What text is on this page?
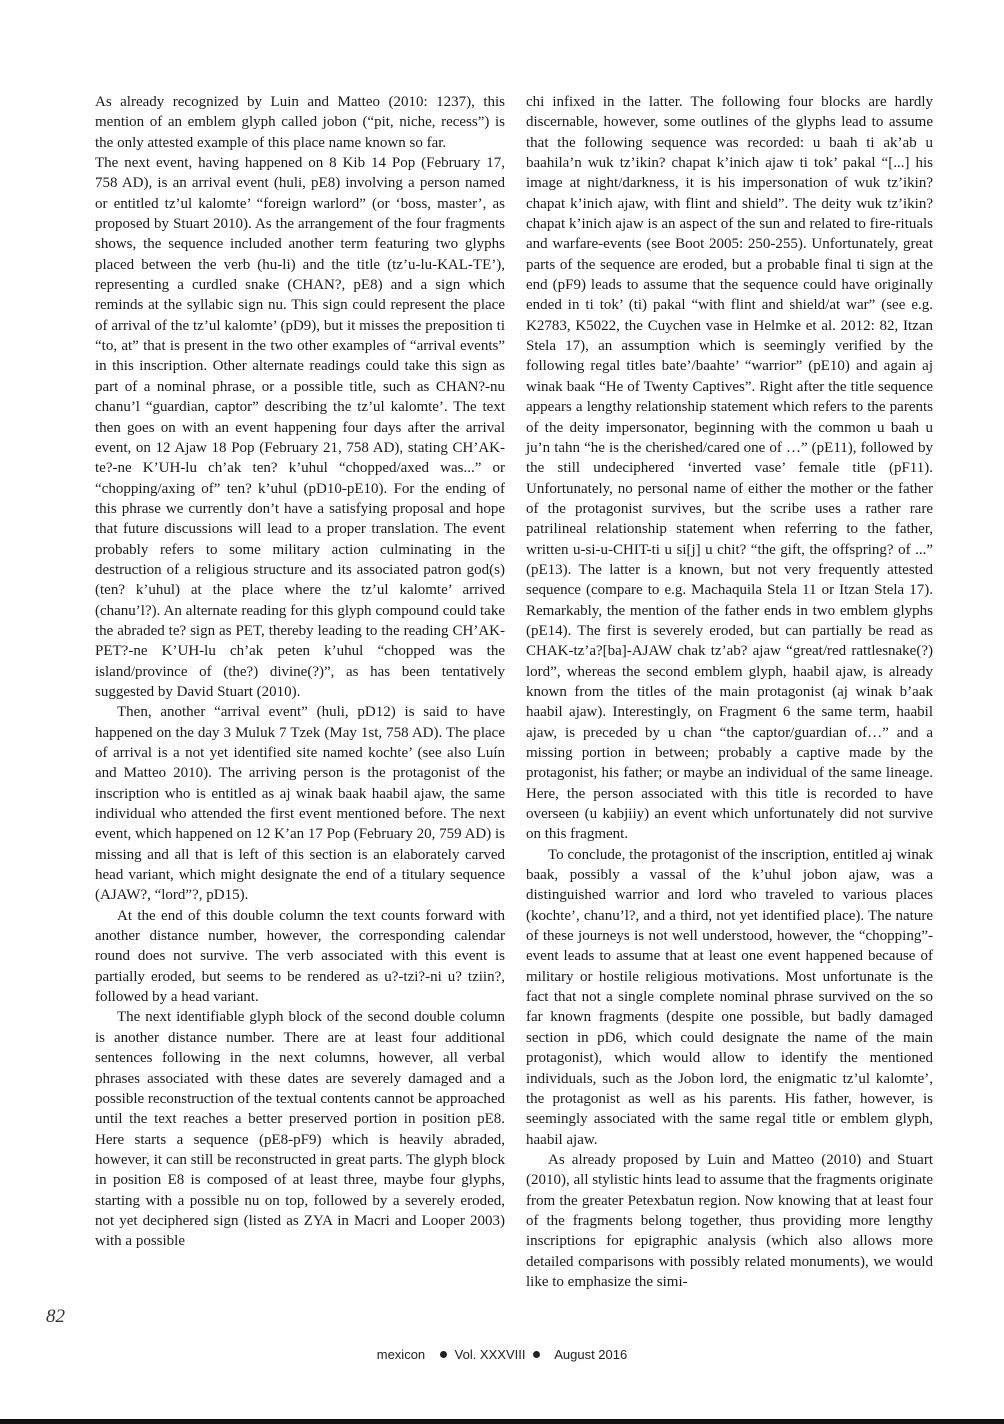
As already recognized by Luin and Matteo (2010: 1237), this mention of an emblem glyph called jobon (“pit, niche, recess”) is the only attested example of this place name known so far.

The next event, having happened on 8 Kib 14 Pop (February 17, 758 AD), is an arrival event (huli, pE8) involving a person named or entitled tz’ul kalomte’ “foreign warlord” (or ‘boss, master’, as proposed by Stuart 2010). As the arrangement of the four fragments shows, the sequence included another term featuring two glyphs placed between the verb (hu-li) and the title (tz’u-lu-KAL-TE’), representing a curdled snake (CHAN?, pE8) and a sign which reminds at the syllabic sign nu. This sign could represent the place of arrival of the tz’ul kalomte’ (pD9), but it misses the preposition ti “to, at” that is present in the two other examples of “arrival events” in this inscription. Other alternate readings could take this sign as part of a nominal phrase, or a possible title, such as CHAN?-nu chanu’l “guardian, captor” describing the tz’ul kalomte’. The text then goes on with an event happening four days after the arrival event, on 12 Ajaw 18 Pop (February 21, 758 AD), stating CH’AK-te?-ne K’UH-lu ch’ak ten? k’uhul “chopped/axed was...” or “chopping/axing of” ten? k’uhul (pD10-pE10). For the ending of this phrase we currently don’t have a satisfying proposal and hope that future discussions will lead to a proper translation. The event probably refers to some military action culminating in the destruction of a religious structure and its associated patron god(s) (ten? k’uhul) at the place where the tz’ul kalomte’ arrived (chanu’l?). An alternate reading for this glyph compound could take the abraded te? sign as PET, thereby leading to the reading CH’AK-PET?-ne K’UH-lu ch’ak peten k’uhul “chopped was the island/province of (the?) divine(?)”, as has been tentatively suggested by David Stuart (2010).

Then, another “arrival event” (huli, pD12) is said to have happened on the day 3 Muluk 7 Tzek (May 1st, 758 AD). The place of arrival is a not yet identified site named kochte’ (see also Luín and Matteo 2010). The arriving person is the protagonist of the inscription who is entitled as aj winak baak haabil ajaw, the same individual who attended the first event mentioned before. The next event, which happened on 12 K’an 17 Pop (February 20, 759 AD) is missing and all that is left of this section is an elaborately carved head variant, which might designate the end of a titulary sequence (AJAW?, “lord”?, pD15).

At the end of this double column the text counts forward with another distance number, however, the corresponding calendar round does not survive. The verb associated with this event is partially eroded, but seems to be rendered as u?-tzi?-ni u? tziin?, followed by a head variant.

The next identifiable glyph block of the second double column is another distance number. There are at least four additional sentences following in the next columns, however, all verbal phrases associated with these dates are severely damaged and a possible reconstruction of the textual contents cannot be approached until the text reaches a better preserved portion in position pE8. Here starts a sequence (pE8-pF9) which is heavily abraded, however, it can still be reconstructed in great parts. The glyph block in position E8 is composed of at least three, maybe four glyphs, starting with a possible nu on top, followed by a severely eroded, not yet deciphered sign (listed as ZYA in Macri and Looper 2003) with a possible

chi infixed in the latter. The following four blocks are hardly discernable, however, some outlines of the glyphs lead to assume that the following sequence was recorded: u baah ti ak’ab u baahila’n wuk tz’ikin? chapat k’inich ajaw ti tok’ pakal “[...] his image at night/darkness, it is his impersonation of wuk tz’ikin? chapat k’inich ajaw, with flint and shield”. The deity wuk tz’ikin? chapat k’inich ajaw is an aspect of the sun and related to fire-rituals and warfare-events (see Boot 2005: 250-255). Unfortunately, great parts of the sequence are eroded, but a probable final ti sign at the end (pF9) leads to assume that the sequence could have originally ended in ti tok’ (ti) pakal “with flint and shield/at war” (see e.g. K2783, K5022, the Cuychen vase in Helmke et al. 2012: 82, Itzan Stela 17), an assumption which is seemingly verified by the following regal titles bate’/baahte’ “warrior” (pE10) and again aj winak baak “He of Twenty Captives”. Right after the title sequence appears a lengthy relationship statement which refers to the parents of the deity impersonator, beginning with the common u baah u ju’n tahn “he is the cherished/cared one of …” (pE11), followed by the still undeciphered ‘inverted vase’ female title (pF11). Unfortunately, no personal name of either the mother or the father of the protagonist survives, but the scribe uses a rather rare patrilineal relationship statement when referring to the father, written u-si-u-CHIT-ti u si[j] u chit? “the gift, the offspring? of ...” (pE13). The latter is a known, but not very frequently attested sequence (compare to e.g. Machaquila Stela 11 or Itzan Stela 17). Remarkably, the mention of the father ends in two emblem glyphs (pE14). The first is severely eroded, but can partially be read as CHAK-tz’a?[ba]-AJAW chak tz’ab? ajaw “great/red rattlesnake(?) lord”, whereas the second emblem glyph, haabil ajaw, is already known from the titles of the main protagonist (aj winak b’aak haabil ajaw). Interestingly, on Fragment 6 the same term, haabil ajaw, is preceded by u chan “the captor/guardian of…” and a missing portion in between; probably a captive made by the protagonist, his father; or maybe an individual of the same lineage. Here, the person associated with this title is recorded to have overseen (u kabjiiy) an event which unfortunately did not survive on this fragment.

To conclude, the protagonist of the inscription, entitled aj winak baak, possibly a vassal of the k’uhul jobon ajaw, was a distinguished warrior and lord who traveled to various places (kochte’, chanu’l?, and a third, not yet identified place). The nature of these journeys is not well understood, however, the “chopping”-event leads to assume that at least one event happened because of military or hostile religious motivations. Most unfortunate is the fact that not a single complete nominal phrase survived on the so far known fragments (despite one possible, but badly damaged section in pD6, which could designate the name of the main protagonist), which would allow to identify the mentioned individuals, such as the Jobon lord, the enigmatic tz’ul kalomte’, the protagonist as well as his parents. His father, however, is seemingly associated with the same regal title or emblem glyph, haabil ajaw.

As already proposed by Luin and Matteo (2010) and Stuart (2010), all stylistic hints lead to assume that the fragments originate from the greater Petexbatun region. Now knowing that at least four of the fragments belong together, thus providing more lengthy inscriptions for epigraphic analysis (which also allows more detailed comparisons with possibly related monuments), we would like to emphasize the simi-

82
mexicon Vol. XXXVIII August 2016
